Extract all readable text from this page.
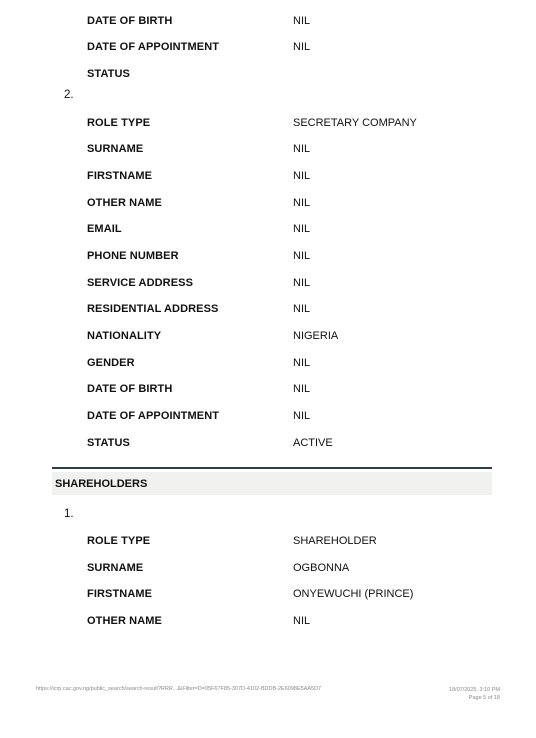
DATE OF BIRTH	NIL
DATE OF APPOINTMENT	NIL
STATUS
2.
ROLE TYPE	SECRETARY COMPANY
SURNAME	NIL
FIRSTNAME	NIL
OTHER NAME	NIL
EMAIL	NIL
PHONE NUMBER	NIL
SERVICE ADDRESS	NIL
RESIDENTIAL ADDRESS	NIL
NATIONALITY	NIGERIA
GENDER	NIL
DATE OF BIRTH	NIL
DATE OF APPOINTMENT	NIL
STATUS	ACTIVE
SHAREHOLDERS
1.
ROLE TYPE	SHAREHOLDER
SURNAME	OGBONNA
FIRSTNAME	ONYEWUCHI (PRINCE)
OTHER NAME	NIL
https://icrp.cac.gov.ng/public_search/search-result?RRR...&iFilter=D=05F67F85-307D-4102-BDDB-2E6098E5AA5D7	18/07/2025, 3:10 PM
Page 5 of 18
